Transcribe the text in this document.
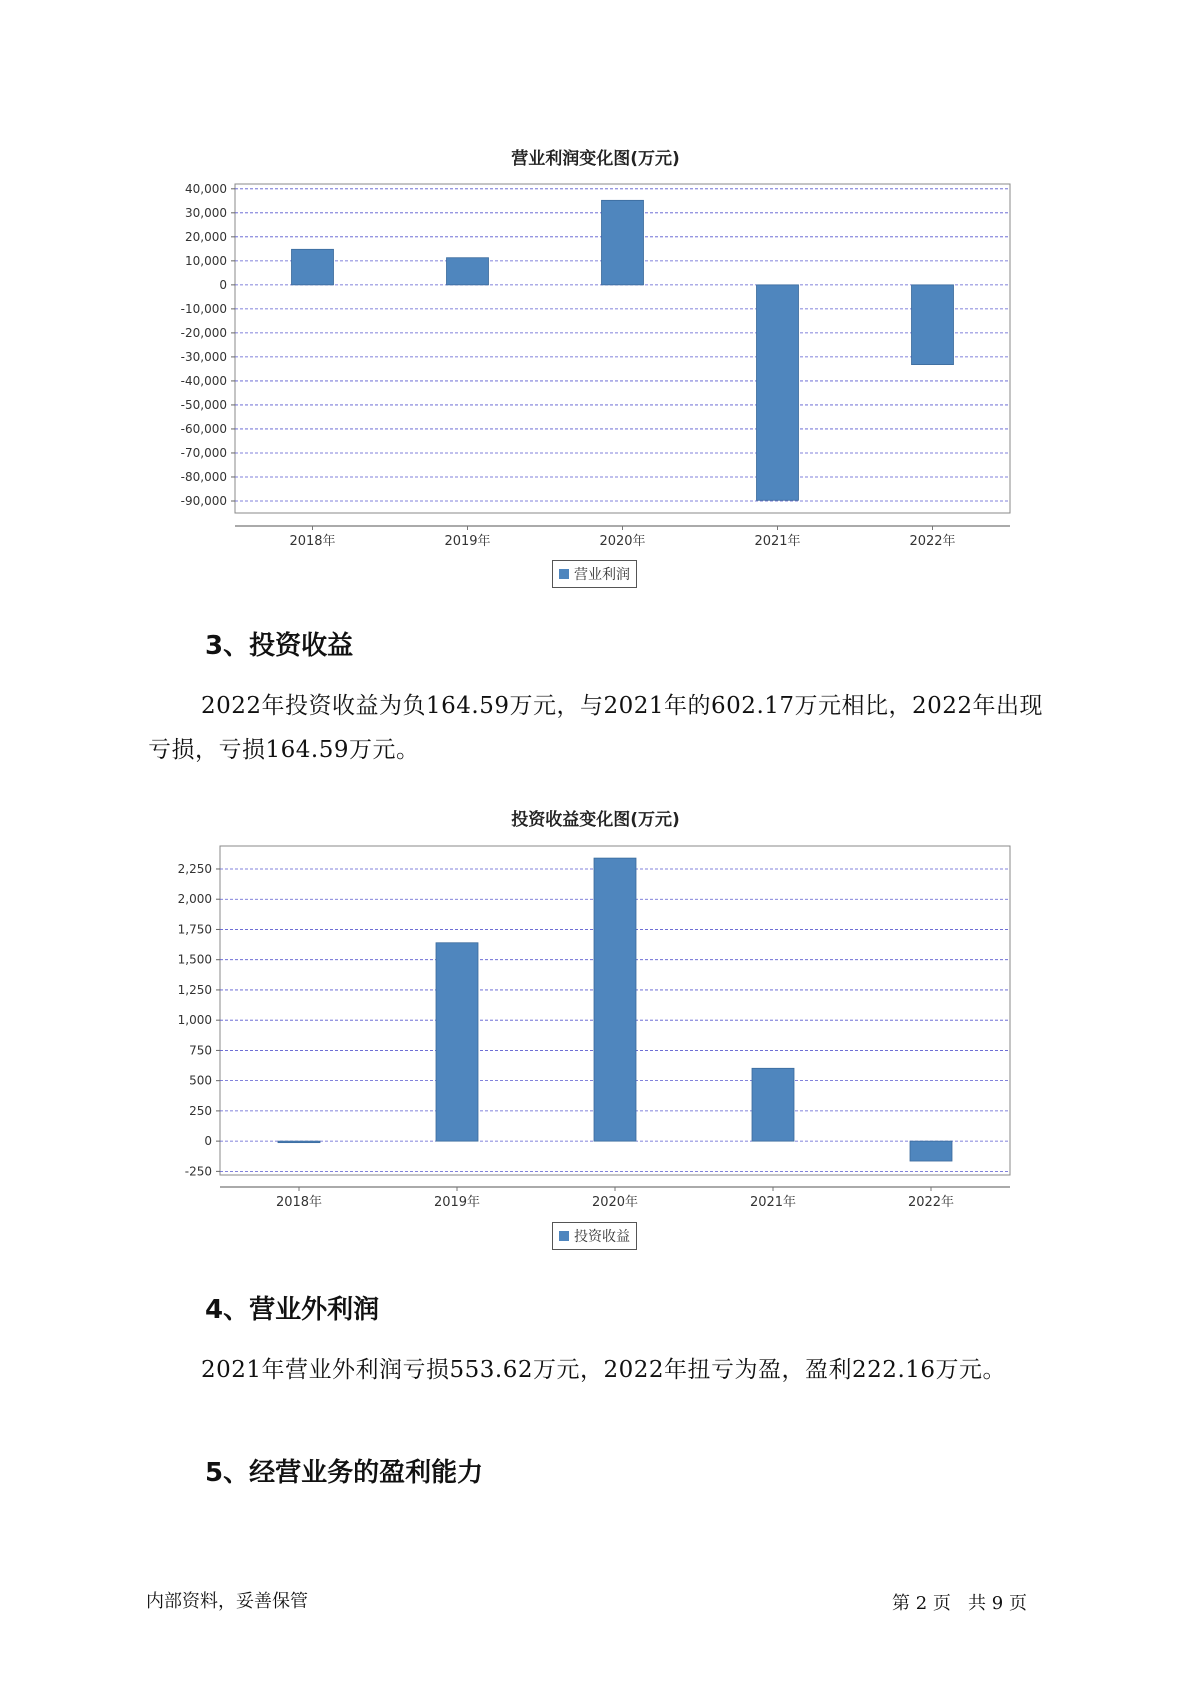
营业利润变化图(万元)
40,000
30,000
20,000
10,000
0
-10,000
-20,000
-30,000
-40,000
-50,000
-60,000
-70,000
-80,000
-90,000
2018年	2019年	2020年	2021年	2022年
营业利润
3、投资收益

2022年投资收益为负164.59万元，与2021年的602.17万元相比，2022年出现亏损，亏损164.59万元。

投资收益变化图(万元)
2,250
2,000
1,750
1,500
1,250
1,000
750
500
250
0
-250
2018年	2019年	2020年	2021年	2022年
投资收益
4、营业外利润

2021年营业外利润亏损553.62万元，2022年扭亏为盈，盈利222.16万元。

5、经营业务的盈利能力
内部资料，妥善保管	第 2 页   共 9 页
